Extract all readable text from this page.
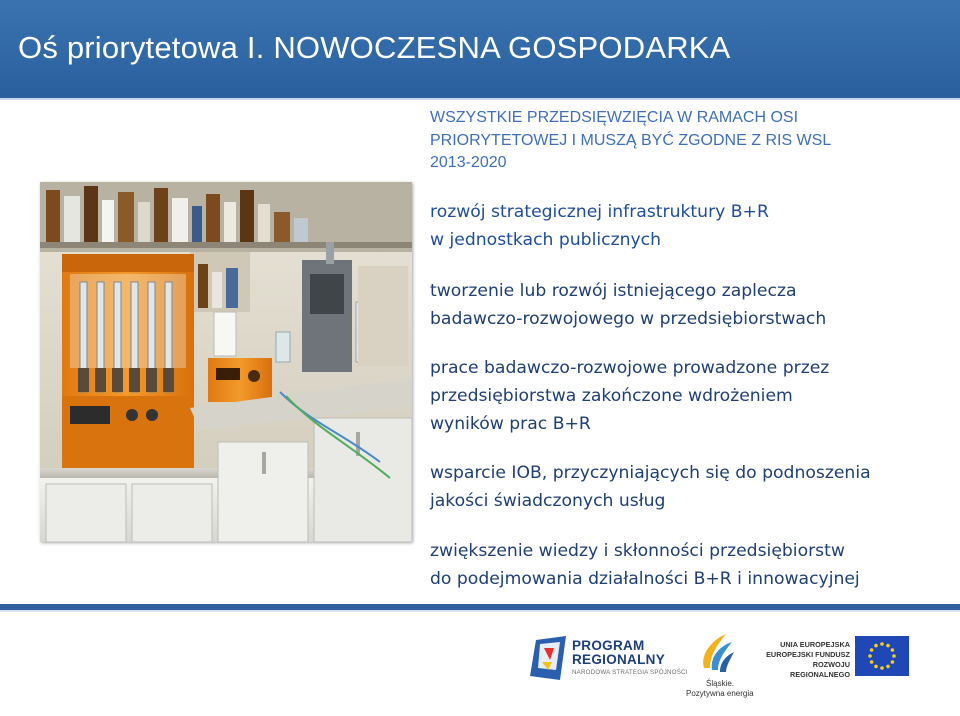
Oś priorytetowa I. NOWOCZESNA GOSPODARKA
WSZYSTKIE PRZEDSIĘWZIĘCIA W RAMACH OSI
PRIORYTETOWEJ I MUSZĄ BYĆ ZGODNE Z RIS WSL
2013-2020
rozwój strategicznej infrastruktury B+R
w jednostkach publicznych
tworzenie lub rozwój istniejącego zaplecza
badawczo-rozwojowego w przedsiębiorstwach
prace badawczo-rozwojowe prowadzone przez
przedsiębiorstwa zakończone wdrożeniem
wyników prac B+R
wsparcie IOB, przyczyniających się do podnoszenia
jakości świadczonych usług
zwiększenie wiedzy i skłonności przedsiębiorstw
do podejmowania działalności B+R i innowacyjnej
PROGRAM
REGIONALNY
NARODOWA STRATEGIA SPÓJNOŚCI
Śląskie.
Pozytywna energia
UNIA EUROPEJSKA
EUROPEJSKI FUNDUSZ
ROZWOJU REGIONALNEGO
